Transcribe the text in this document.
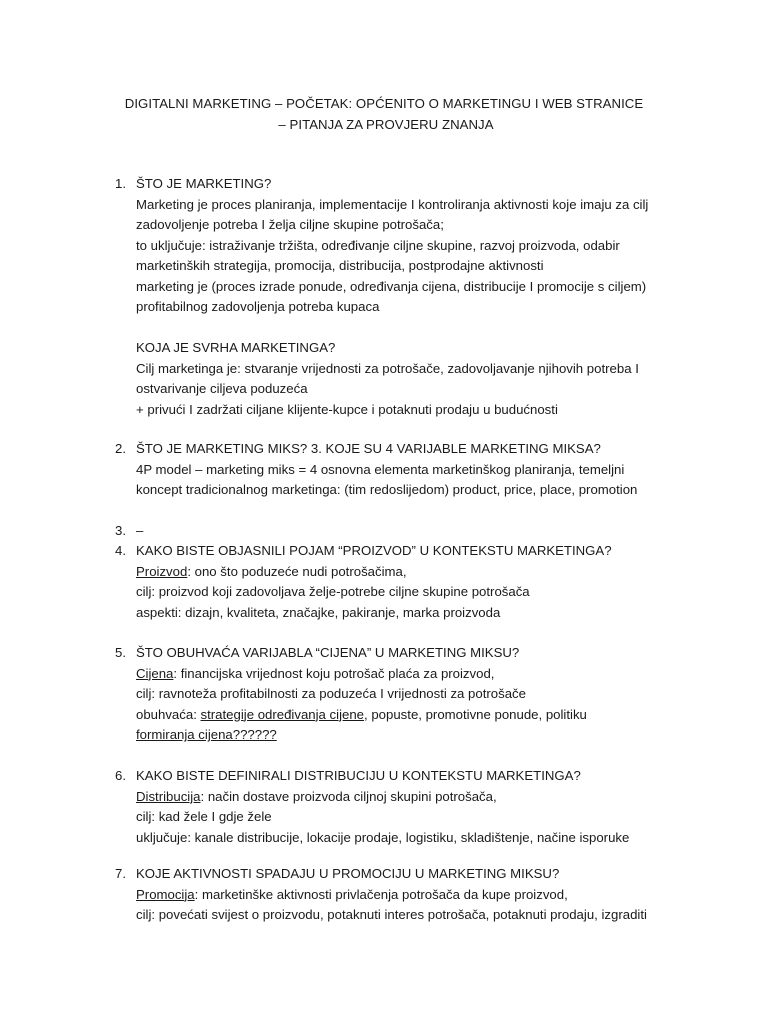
DIGITALNI MARKETING – POČETAK: OPĆENITO O MARKETINGU I WEB STRANICE
– PITANJA ZA PROVJERU ZNANJA
1. ŠTO JE MARKETING?

Marketing je proces planiranja, implementacije I kontroliranja aktivnosti koje imaju za cilj
zadovoljenje potreba I želja ciljne skupine potrošača;
to uključuje: istraživanje tržišta, određivanje ciljne skupine, razvoj proizvoda, odabir
marketinških strategija, promocija, distribucija, postprodajne aktivnosti
marketing je (proces izrade ponude, određivanja cijena, distribucije I promocije s ciljem)
profitabilnog zadovoljenja potreba kupaca
KOJA JE SVRHA MARKETINGA?
Cilj marketinga je: stvaranje vrijednosti za potrošače, zadovoljavanje njihovih potreba I
ostvarivanje ciljeva poduzeća
+ privući I zadržati ciljane klijente-kupce i potaknuti prodaju u budućnosti
2. ŠTO JE MARKETING MIKS? 3. KOJE SU 4 VARIJABLE MARKETING MIKSA?

4P model – marketing miks = 4 osnovna elementa marketinškog planiranja, temeljni
koncept tradicionalnog marketinga: (tim redoslijedom) product, price, place, promotion
3. –

4. KAKO BISTE OBJASNILI POJAM “PROIZVOD” U KONTEKSTU MARKETINGA?

Proizvod: ono što poduzeće nudi potrošačima,
cilj: proizvod koji zadovoljava želje-potrebe ciljne skupine potrošača
aspekti: dizajn, kvaliteta, značajke, pakiranje, marka proizvoda
5. ŠTO OBUHVAĆA VARIJABLA “CIJENA” U MARKETING MIKSU?

Cijena: financijska vrijednost koju potrošač plaća za proizvod,
cilj: ravnoteža profitabilnosti za poduzeća I vrijednosti za potrošače
obuhvaća: strategije određivanja cijene, popuste, promotivne ponude, politiku
formiranja cijena??????
6. KAKO BISTE DEFINIRALI DISTRIBUCIJU U KONTEKSTU MARKETINGA?

Distribucija: način dostave proizvoda ciljnoj skupini potrošača,
cilj: kad žele I gdje žele
uključuje: kanale distribucije, lokacije prodaje, logistiku, skladištenje, načine isporuke
7. KOJE AKTIVNOSTI SPADAJU U PROMOCIJU U MARKETING MIKSU?

Promocija: marketinške aktivnosti privlačenja potrošača da kupe proizvod,
cilj: povećati svijest o proizvodu, potaknuti interes potrošača, potaknuti prodaju, izgraditi
